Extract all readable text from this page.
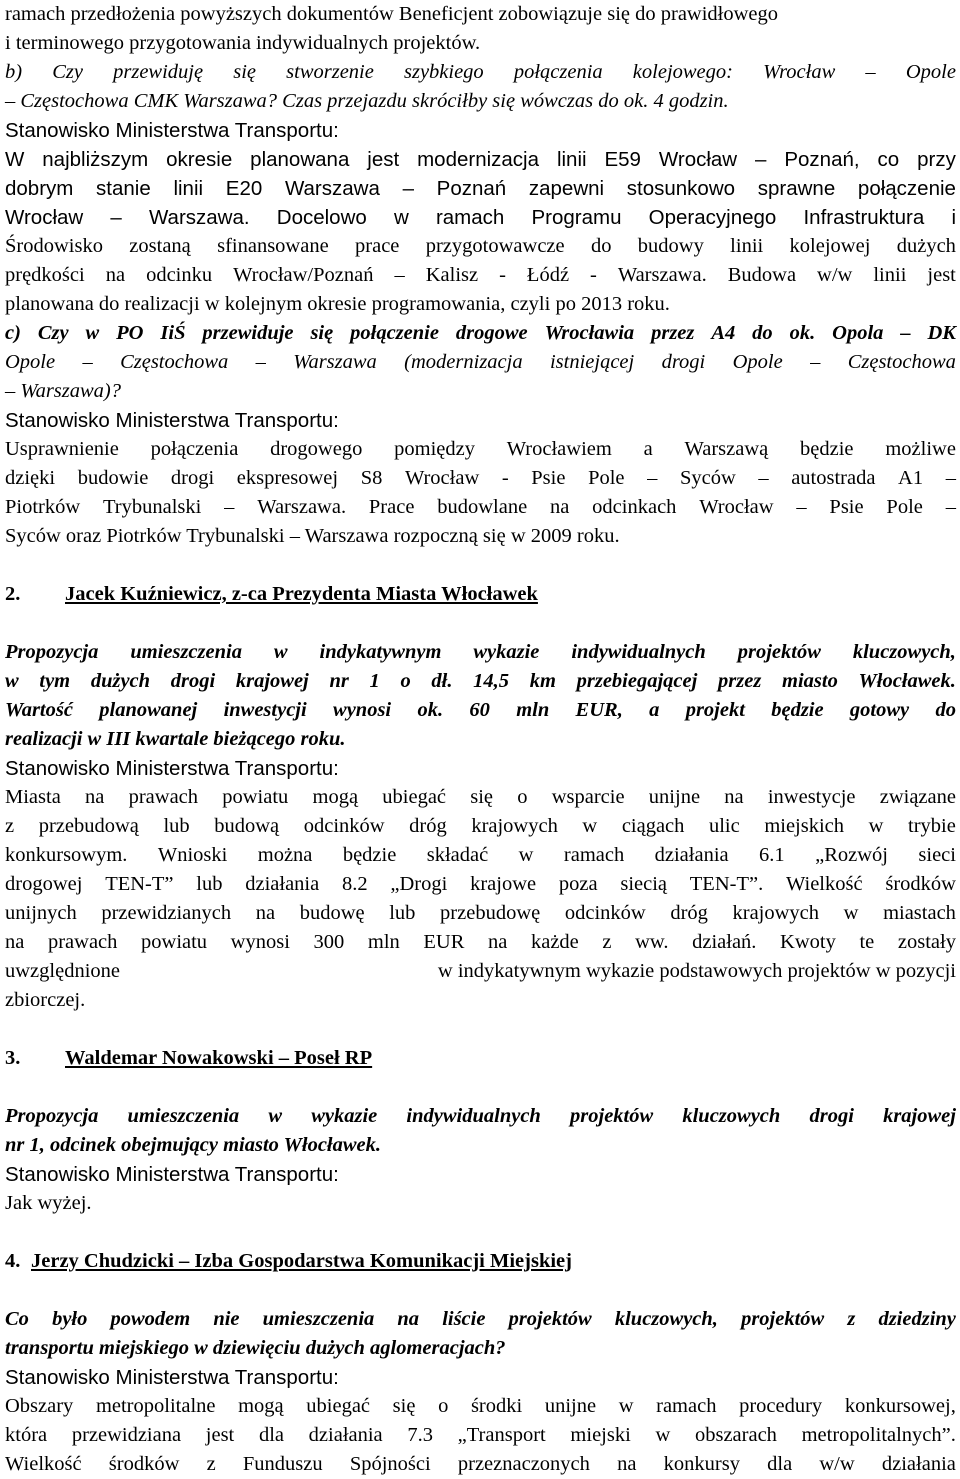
ramach przedłożenia powyższych dokumentów Beneficjent zobowiązuje się do prawidłowego
i terminowego przygotowania indywidualnych projektów.
b) Czy przewiduję się stworzenie szybkiego połączenia kolejowego: Wrocław – Opole
– Częstochowa CMK Warszawa? Czas przejazdu skróciłby się wówczas do ok. 4 godzin.
Stanowisko Ministerstwa Transportu:
W najbliższym okresie planowana jest modernizacja linii E59 Wrocław – Poznań, co przy
dobrym stanie linii E20 Warszawa – Poznań zapewni stosunkowo sprawne połączenie
Wrocław – Warszawa. Docelowo w ramach Programu Operacyjnego Infrastruktura i
Środowisko zostaną sfinansowane prace przygotowawcze do budowy linii kolejowej dużych
prędkości na odcinku Wrocław/Poznań – Kalisz - Łódź - Warszawa. Budowa w/w linii jest
planowana do realizacji w kolejnym okresie programowania, czyli po 2013 roku.
c) Czy w PO IiŚ przewiduje się połączenie drogowe Wrocławia przez A4 do ok. Opola – DK
Opole – Częstochowa – Warszawa (modernizacja istniejącej drogi Opole – Częstochowa
– Warszawa)?
Stanowisko Ministerstwa Transportu:
Usprawnienie połączenia drogowego pomiędzy Wrocławiem a Warszawą będzie możliwe
dzięki budowie drogi ekspresowej S8 Wrocław - Psie Pole – Syców – autostrada A1 –
Piotrków Trybunalski – Warszawa. Prace budowlane na odcinkach Wrocław – Psie Pole –
Syców oraz Piotrków Trybunalski – Warszawa rozpoczną się w 2009 roku.
2. Jacek Kuźniewicz, z-ca Prezydenta Miasta Włocławek
Propozycja umieszczenia w indykatywnym wykazie indywidualnych projektów kluczowych,
w tym dużych drogi krajowej nr 1 o dł. 14,5 km przebiegającej przez miasto Włocławek.
Wartość planowanej inwestycji wynosi ok. 60 mln EUR, a projekt będzie gotowy do
realizacji w III kwartale bieżącego roku.
Stanowisko Ministerstwa Transportu:
Miasta na prawach powiatu mogą ubiegać się o wsparcie unijne na inwestycje związane
z przebudową lub budową odcinków dróg krajowych w ciągach ulic miejskich w trybie
konkursowym. Wnioski można będzie składać w ramach działania 6.1 „Rozwój sieci
drogowej TEN-T” lub działania 8.2 „Drogi krajowe poza siecią TEN-T”. Wielkość środków
unijnych przewidzianych na budowę lub przebudowę odcinków dróg krajowych w miastach
na prawach powiatu wynosi 300 mln EUR na każde z ww. działań. Kwoty te zostały
uwzględnione	w indykatywnym wykazie podstawowych projektów w pozycji
zbiorczej.
3. Waldemar Nowakowski – Poseł RP
Propozycja umieszczenia w wykazie indywidualnych projektów kluczowych drogi krajowej
nr 1, odcinek obejmujący miasto Włocławek.
Stanowisko Ministerstwa Transportu:
Jak wyżej.
4. Jerzy Chudzicki – Izba Gospodarstwa Komunikacji Miejskiej
Co było powodem nie umieszczenia na liście projektów kluczowych, projektów z dziedziny
transportu miejskiego w dziewięciu dużych aglomeracjach?
Stanowisko Ministerstwa Transportu:
Obszary metropolitalne mogą ubiegać się o środki unijne w ramach procedury konkursowej,
która przewidziana jest dla działania 7.3 „Transport miejski w obszarach metropolitalnych”.
Wielkość środków z Funduszu Spójności przeznaczonych na konkursy dla w/w działania
